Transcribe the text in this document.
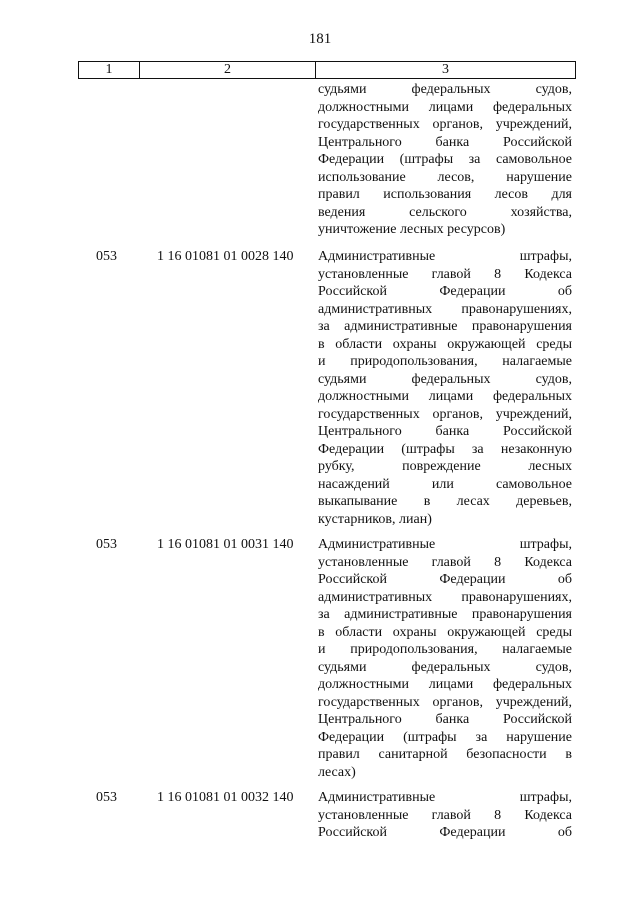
181
1	2	3
судьями федеральных судов,
должностными лицами федеральных
государственных органов, учреждений,
Центрального банка Российской
Федерации (штрафы за самовольное
использование лесов, нарушение
правил использования лесов для
ведения сельского хозяйства,
уничтожение лесных ресурсов)
053	1 16 01081 01 0028 140	Административные штрафы,
установленные главой 8 Кодекса
Российской Федерации об
административных правонарушениях,
за административные правонарушения
в области охраны окружающей среды
и природопользования, налагаемые
судьями федеральных судов,
должностными лицами федеральных
государственных органов, учреждений,
Центрального банка Российской
Федерации (штрафы за незаконную
рубку, повреждение лесных
насаждений или самовольное
выкапывание в лесах деревьев,
кустарников, лиан)
053	1 16 01081 01 0031 140	Административные штрафы,
установленные главой 8 Кодекса
Российской Федерации об
административных правонарушениях,
за административные правонарушения
в области охраны окружающей среды
и природопользования, налагаемые
судьями федеральных судов,
должностными лицами федеральных
государственных органов, учреждений,
Центрального банка Российской
Федерации (штрафы за нарушение
правил санитарной безопасности в
лесах)
053	1 16 01081 01 0032 140	Административные штрафы,
установленные главой 8 Кодекса
Российской Федерации об
